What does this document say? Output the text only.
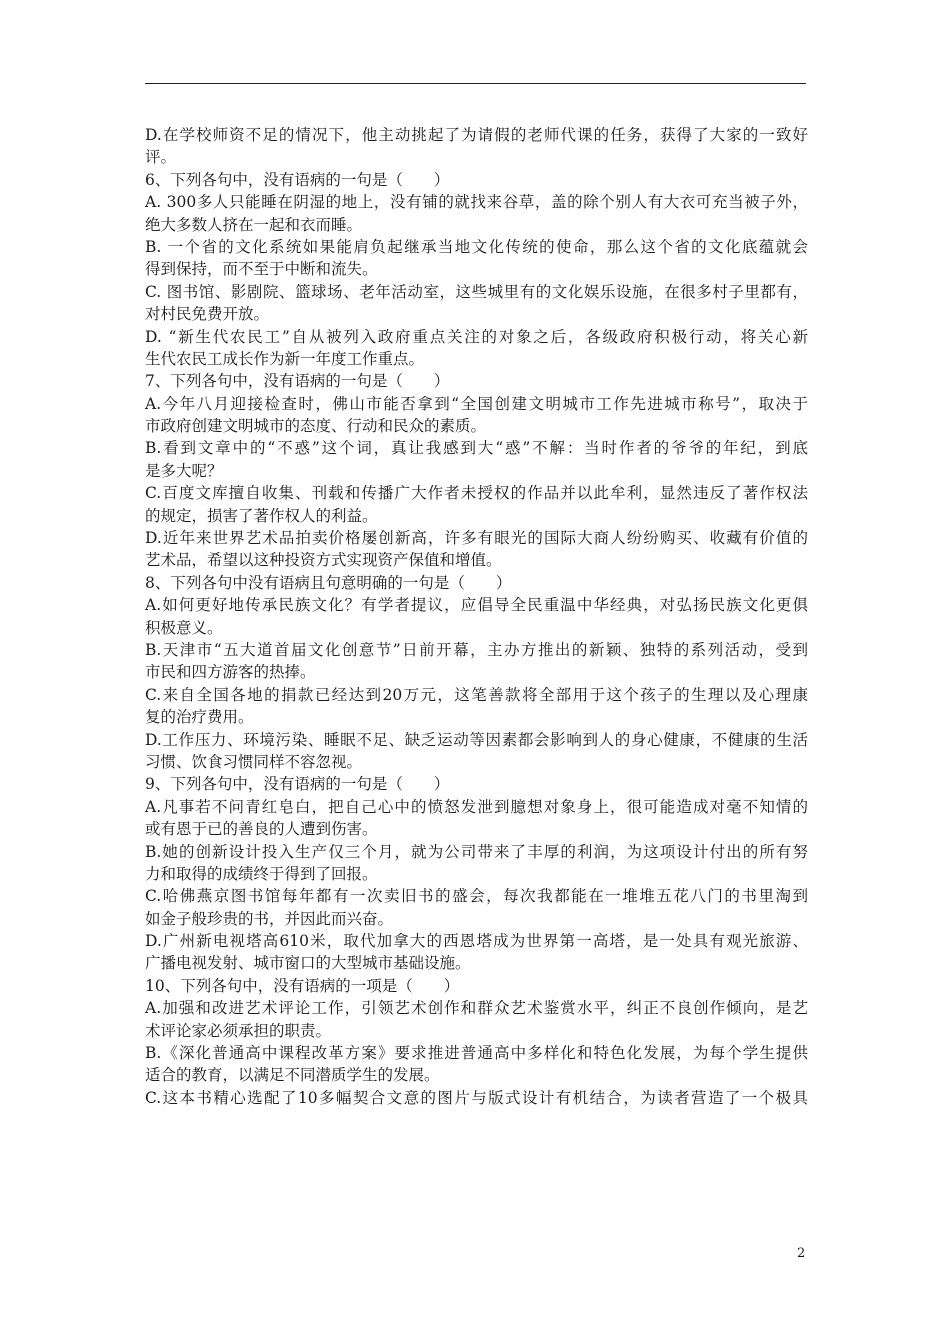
D.在学校师资不足的情况下，他主动挑起了为请假的老师代课的任务，获得了大家的一致好
评。
6、下列各句中，没有语病的一句是（　　）
A. 300多人只能睡在阴湿的地上，没有铺的就找来谷草，盖的除个别人有大衣可充当被子外，
绝大多数人挤在一起和衣而睡。
B. 一个省的文化系统如果能肩负起继承当地文化传统的使命，那么这个省的文化底蕴就会
得到保持，而不至于中断和流失。
C. 图书馆、影剧院、篮球场、老年活动室，这些城里有的文化娱乐设施，在很多村子里都有，
对村民免费开放。
D. “新生代农民工”自从被列入政府重点关注的对象之后，各级政府积极行动，将关心新
生代农民工成长作为新一年度工作重点。
7、下列各句中，没有语病的一句是（　　）
A.今年八月迎接检查时，佛山市能否拿到“全国创建文明城市工作先进城市称号”，取决于
市政府创建文明城市的态度、行动和民众的素质。
B.看到文章中的“不惑”这个词，真让我感到大“惑”不解：当时作者的爷爷的年纪，到底
是多大呢？
C.百度文库擅自收集、刊载和传播广大作者未授权的作品并以此牟利，显然违反了著作权法
的规定，损害了著作权人的利益。
D.近年来世界艺术品拍卖价格屡创新高，许多有眼光的国际大商人纷纷购买、收藏有价值的
艺术品，希望以这种投资方式实现资产保值和增值。
8、下列各句中没有语病且句意明确的一句是（　　）
A.如何更好地传承民族文化？有学者提议，应倡导全民重温中华经典，对弘扬民族文化更俱
积极意义。
B.天津市“五大道首届文化创意节”日前开幕，主办方推出的新颖、独特的系列活动，受到
市民和四方游客的热捧。
C.来自全国各地的捐款已经达到20万元，这笔善款将全部用于这个孩子的生理以及心理康
复的治疗费用。
D.工作压力、环境污染、睡眠不足、缺乏运动等因素都会影响到人的身心健康，不健康的生活
习惯、饮食习惯同样不容忽视。
9、下列各句中，没有语病的一句是（　　）
A.凡事若不问青红皂白，把自己心中的愤怒发泄到臆想对象身上，很可能造成对毫不知情的
或有恩于已的善良的人遭到伤害。
B.她的创新设计投入生产仅三个月，就为公司带来了丰厚的利润，为这项设计付出的所有努
力和取得的成绩终于得到了回报。
C.哈佛燕京图书馆每年都有一次卖旧书的盛会，每次我都能在一堆堆五花八门的书里淘到
如金子般珍贵的书，并因此而兴奋。
D.广州新电视塔高610米，取代加拿大的西恩塔成为世界第一高塔，是一处具有观光旅游、
广播电视发射、城市窗口的大型城市基础设施。
10、下列各句中，没有语病的一项是（　　）
A.加强和改进艺术评论工作，引领艺术创作和群众艺术鉴赏水平，纠正不良创作倾向，是艺
术评论家必须承担的职责。
B.《深化普通高中课程改革方案》要求推进普通高中多样化和特色化发展，为每个学生提供
适合的教育，以满足不同潜质学生的发展。
C.这本书精心选配了10多幅契合文意的图片与版式设计有机结合，为读者营造了一个极具
2
